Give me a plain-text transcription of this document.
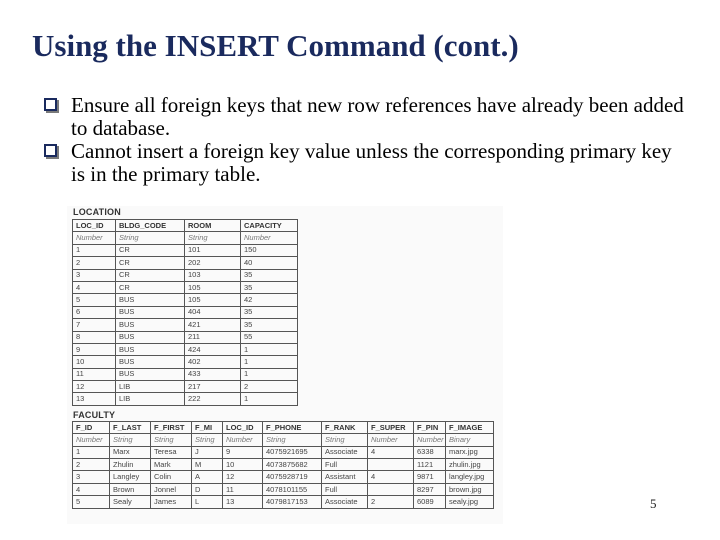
Using the INSERT Command (cont.)
Ensure all foreign keys that new row references have already been added to database.
Cannot insert a foreign key value unless the corresponding primary key is in the primary table.
LOCATION
LOC_ID	BLDG_CODE	ROOM	CAPACITY
Number	String	String	Number
1	CR	101	150
2	CR	202	40
3	CR	103	35
4	CR	105	35
5	BUS	105	42
6	BUS	404	35
7	BUS	421	35
8	BUS	211	55
9	BUS	424	1
10	BUS	402	1
11	BUS	433	1
12	LIB	217	2
13	LIB	222	1
FACULTY
F_ID	F_LAST	F_FIRST	F_MI	LOC_ID	F_PHONE	F_RANK	F_SUPER	F_PIN	F_IMAGE
Number	String	String	String	Number	String	String	Number	Number	Binary
1	Marx	Teresa	J	9	4075921695	Associate	4	6338	marx.jpg
2	Zhulin	Mark	M	10	4073875682	Full		1121	zhulin.jpg
3	Langley	Colin	A	12	4075928719	Assistant	4	9871	langley.jpg
4	Brown	Jonnel	D	11	4078101155	Full		8297	brown.jpg
5	Sealy	James	L	13	4079817153	Associate	2	6089	sealy.jpg	5
